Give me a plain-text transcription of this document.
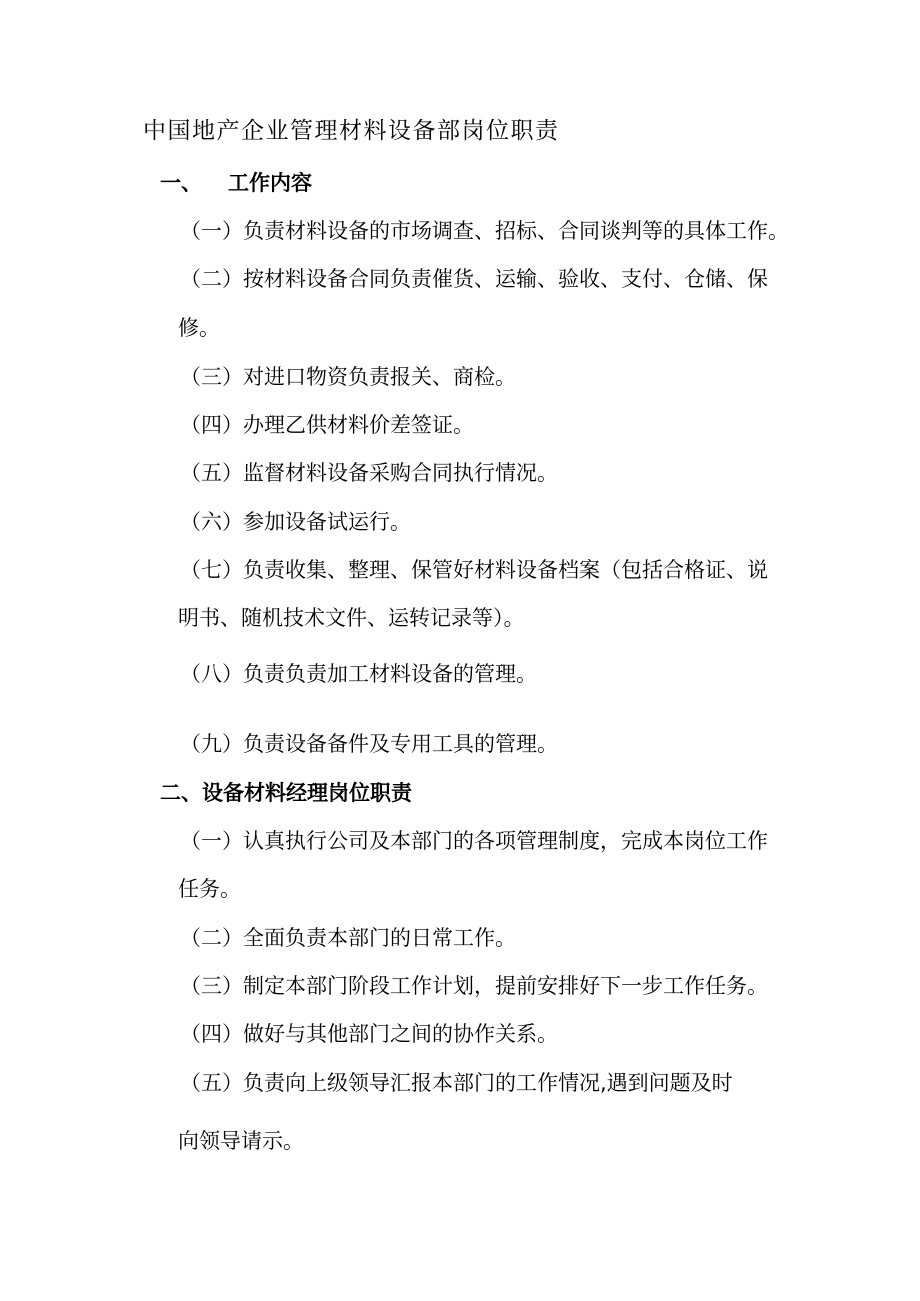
中国地产企业管理材料设备部岗位职责
一、 工作内容
（一）负责材料设备的市场调查、招标、合同谈判等的具体工作。
（二）按材料设备合同负责催货、运输、验收、支付、仓储、保
修。
（三）对进口物资负责报关、商检。
（四）办理乙供材料价差签证。
（五）监督材料设备采购合同执行情况。
（六）参加设备试运行。
（七）负责收集、整理、保管好材料设备档案（包括合格证、说
明书、随机技术文件、运转记录等）。
（八）负责负责加工材料设备的管理。
（九）负责设备备件及专用工具的管理。
二、设备材料经理岗位职责
（一）认真执行公司及本部门的各项管理制度，完成本岗位工作
任务。
（二）全面负责本部门的日常工作。
（三）制定本部门阶段工作计划，提前安排好下一步工作任务。
（四）做好与其他部门之间的协作关系。
（五）负责向上级领导汇报本部门的工作情况,遇到问题及时
向领导请示。
